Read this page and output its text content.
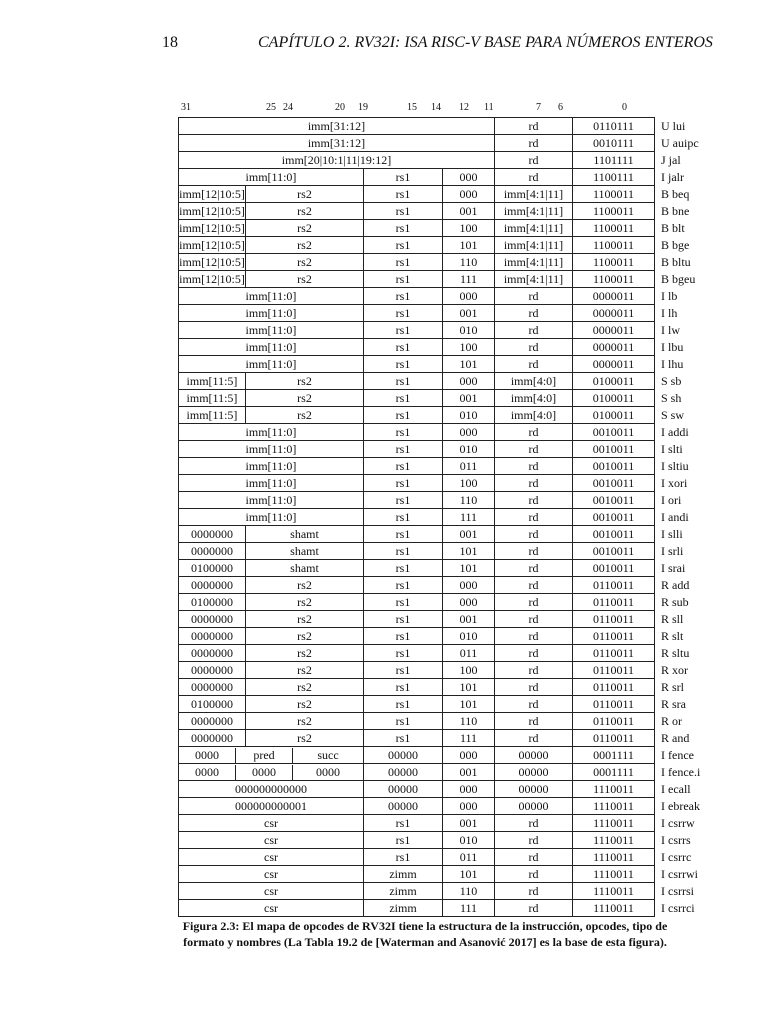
18	CAPÍTULO 2. RV32I: ISA RISC-V BASE PARA NÚMEROS ENTEROS
31	25 24	20 19	15 14 12 11	7 6	0
imm[31:12]				rd	0110111	U lui
imm[31:12]				rd	0010111	U auipc
imm[20|10:1|11|19:12]				rd	1101111	J jal
imm[11:0]		rs1	000	rd	1100111	I jalr
imm[12|10:5]	rs2	rs1	000	imm[4:1|11]	1100011	B beq
imm[12|10:5]	rs2	rs1	001	imm[4:1|11]	1100011	B bne
imm[12|10:5]	rs2	rs1	100	imm[4:1|11]	1100011	B blt
imm[12|10:5]	rs2	rs1	101	imm[4:1|11]	1100011	B bge
imm[12|10:5]	rs2	rs1	110	imm[4:1|11]	1100011	B bltu
imm[12|10:5]	rs2	rs1	111	imm[4:1|11]	1100011	B bgeu
imm[11:0]		rs1	000	rd	0000011	I lb
imm[11:0]		rs1	001	rd	0000011	I lh
imm[11:0]		rs1	010	rd	0000011	I lw
imm[11:0]		rs1	100	rd	0000011	I lbu
imm[11:0]		rs1	101	rd	0000011	I lhu
imm[11:5]	rs2	rs1	000	imm[4:0]	0100011	S sb
imm[11:5]	rs2	rs1	001	imm[4:0]	0100011	S sh
imm[11:5]	rs2	rs1	010	imm[4:0]	0100011	S sw
imm[11:0]		rs1	000	rd	0010011	I addi
imm[11:0]		rs1	010	rd	0010011	I slti
imm[11:0]		rs1	011	rd	0010011	I sltiu
imm[11:0]		rs1	100	rd	0010011	I xori
imm[11:0]		rs1	110	rd	0010011	I ori
imm[11:0]		rs1	111	rd	0010011	I andi
0000000	shamt	rs1	001	rd	0010011	I slli
0000000	shamt	rs1	101	rd	0010011	I srli
0100000	shamt	rs1	101	rd	0010011	I srai
0000000	rs2	rs1	000	rd	0110011	R add
0100000	rs2	rs1	000	rd	0110011	R sub
0000000	rs2	rs1	001	rd	0110011	R sll
0000000	rs2	rs1	010	rd	0110011	R slt
0000000	rs2	rs1	011	rd	0110011	R sltu
0000000	rs2	rs1	100	rd	0110011	R xor
0000000	rs2	rs1	101	rd	0110011	R srl
0100000	rs2	rs1	101	rd	0110011	R sra
0000000	rs2	rs1	110	rd	0110011	R or
0000000	rs2	rs1	111	rd	0110011	R and

0000 pred succ		00000	000	00000	0001111	I fence

0000 0000 0000		00000	001	00000	0001111	I fence.i
000000000000		00000	000	00000	1110011	I ecall
000000000001		00000	000	00000	1110011	I ebreak
csr		rs1	001	rd	1110011	I csrrw
csr		rs1	010	rd	1110011	I csrrs
csr		rs1	011	rd	1110011	I csrrc
csr		zimm	101	rd	1110011	I csrrwi
csr		zimm	110	rd	1110011	I csrrsi
csr		zimm	111	rd	1110011	I csrrci
Figura 2.3: El mapa de opcodes de RV32I tiene la estructura de la instrucción, opcodes, tipo de formato y nombres (La Tabla 19.2 de [Waterman and Asanović 2017] es la base de esta figura).
